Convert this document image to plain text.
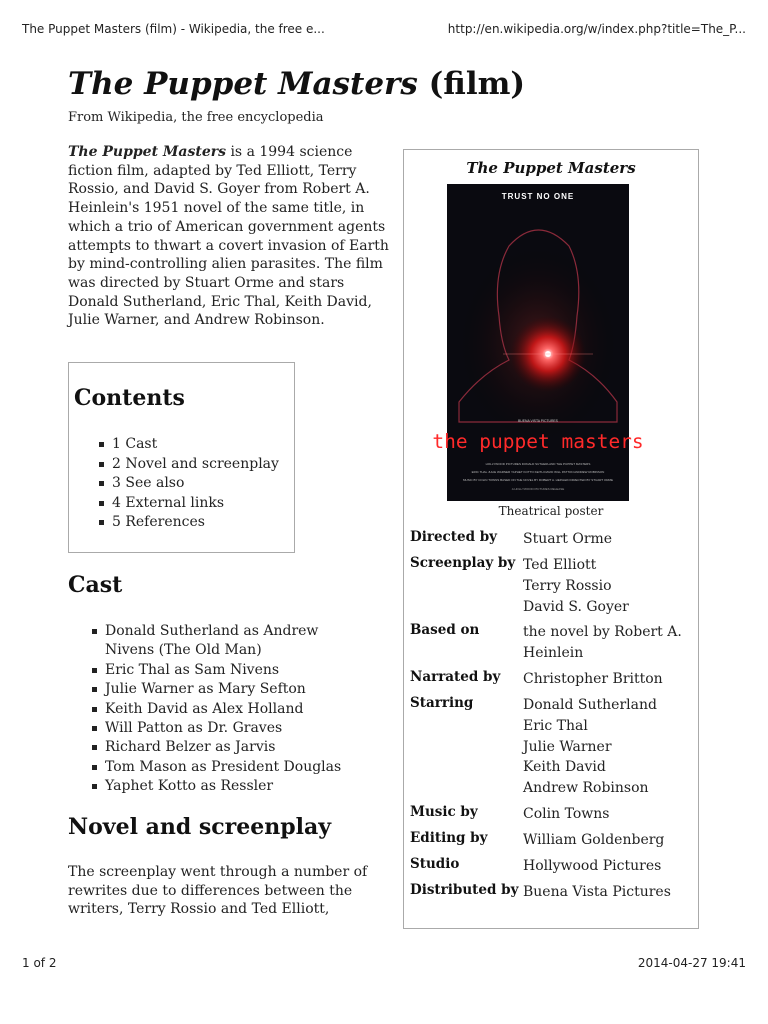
The Puppet Masters (film) - Wikipedia, the free e...	http://en.wikipedia.org/w/index.php?title=The_P...
The Puppet Masters (film)
From Wikipedia, the free encyclopedia

The Puppet Masters is a 1994 science fiction film, adapted by Ted Elliott, Terry Rossio, and David S. Goyer from Robert A. Heinlein's 1951 novel of the same title, in which a trio of American government agents attempts to thwart a covert invasion of Earth by mind-controlling alien parasites. The film was directed by Stuart Orme and stars Donald Sutherland, Eric Thal, Keith David, Julie Warner, and Andrew Robinson.

Contents
1 Cast
2 Novel and screenplay
3 See also
4 External links
5 References
Cast
Donald Sutherland as Andrew Nivens (The Old Man)
Eric Thal as Sam Nivens
Julie Warner as Mary Sefton
Keith David as Alex Holland
Will Patton as Dr. Graves
Richard Belzer as Jarvis
Tom Mason as President Douglas
Yaphet Kotto as Ressler
Novel and screenplay

The screenplay went through a number of rewrites due to differences between the writers, Terry Rossio and Ted Elliott,

The Puppet Masters
TRUST NO ONE
BUENA VISTA PICTURES
the puppet masters
HOLLYWOOD PICTURES DONALD SUTHERLAND THE PUPPET MASTERS
ERIC THAL JULIE WARNER YAPHET KOTTO KEITH DAVID WILL PATTON ANDREW ROBINSON
MUSIC BY COLIN TOWNS BASED ON THE NOVEL BY ROBERT A. HEINLEIN DIRECTED BY STUART ORME
A HOLLYWOOD PICTURES RELEASE
Theatrical poster
Directed by Stuart Orme
Screenplay by Ted Elliott
Terry Rossio
David S. Goyer
Based on	the novel by Robert A.
Heinlein
Narrated by Christopher Britton
Starring	Donald Sutherland
Eric Thal
Julie Warner
Keith David
Andrew Robinson
Music by	Colin Towns
Editing by	William Goldenberg
Studio	Hollywood Pictures
Distributed by Buena Vista Pictures
1 of 2	2014-04-27 19:41
